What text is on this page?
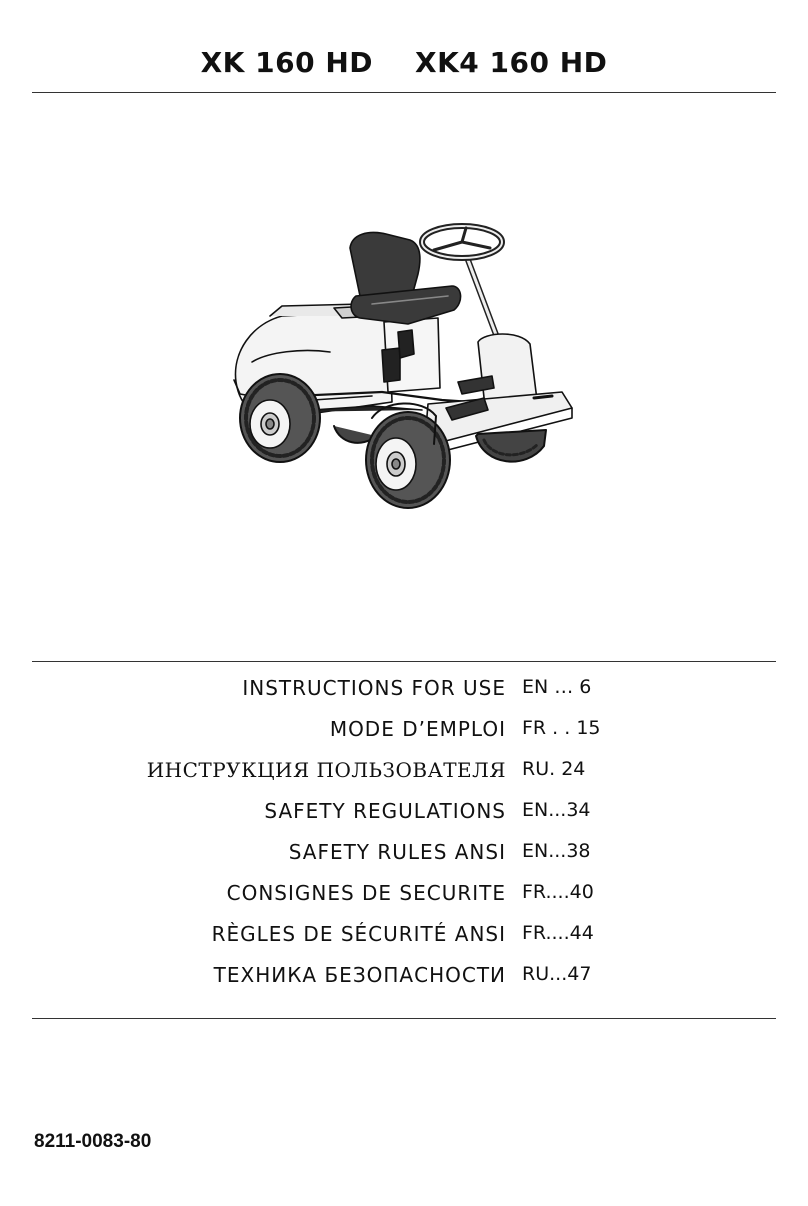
XK 160 HD XK4 160 HD
INSTRUCTIONS FOR USE EN … 6
MODE D’EMPLOI FR . . 15
ИНСТРУКЦИЯ ПОЛЬЗОВАТЕЛЯ RU. 24
SAFETY REGULATIONS EN...34
SAFETY RULES ANSI EN...38
CONSIGNES DE SECURITE FR....40
RÈGLES DE SÉCURITÉ ANSI FR....44
ТЕХНИКА БЕЗОПАСНОСТИ RU...47
8211-0083-80
